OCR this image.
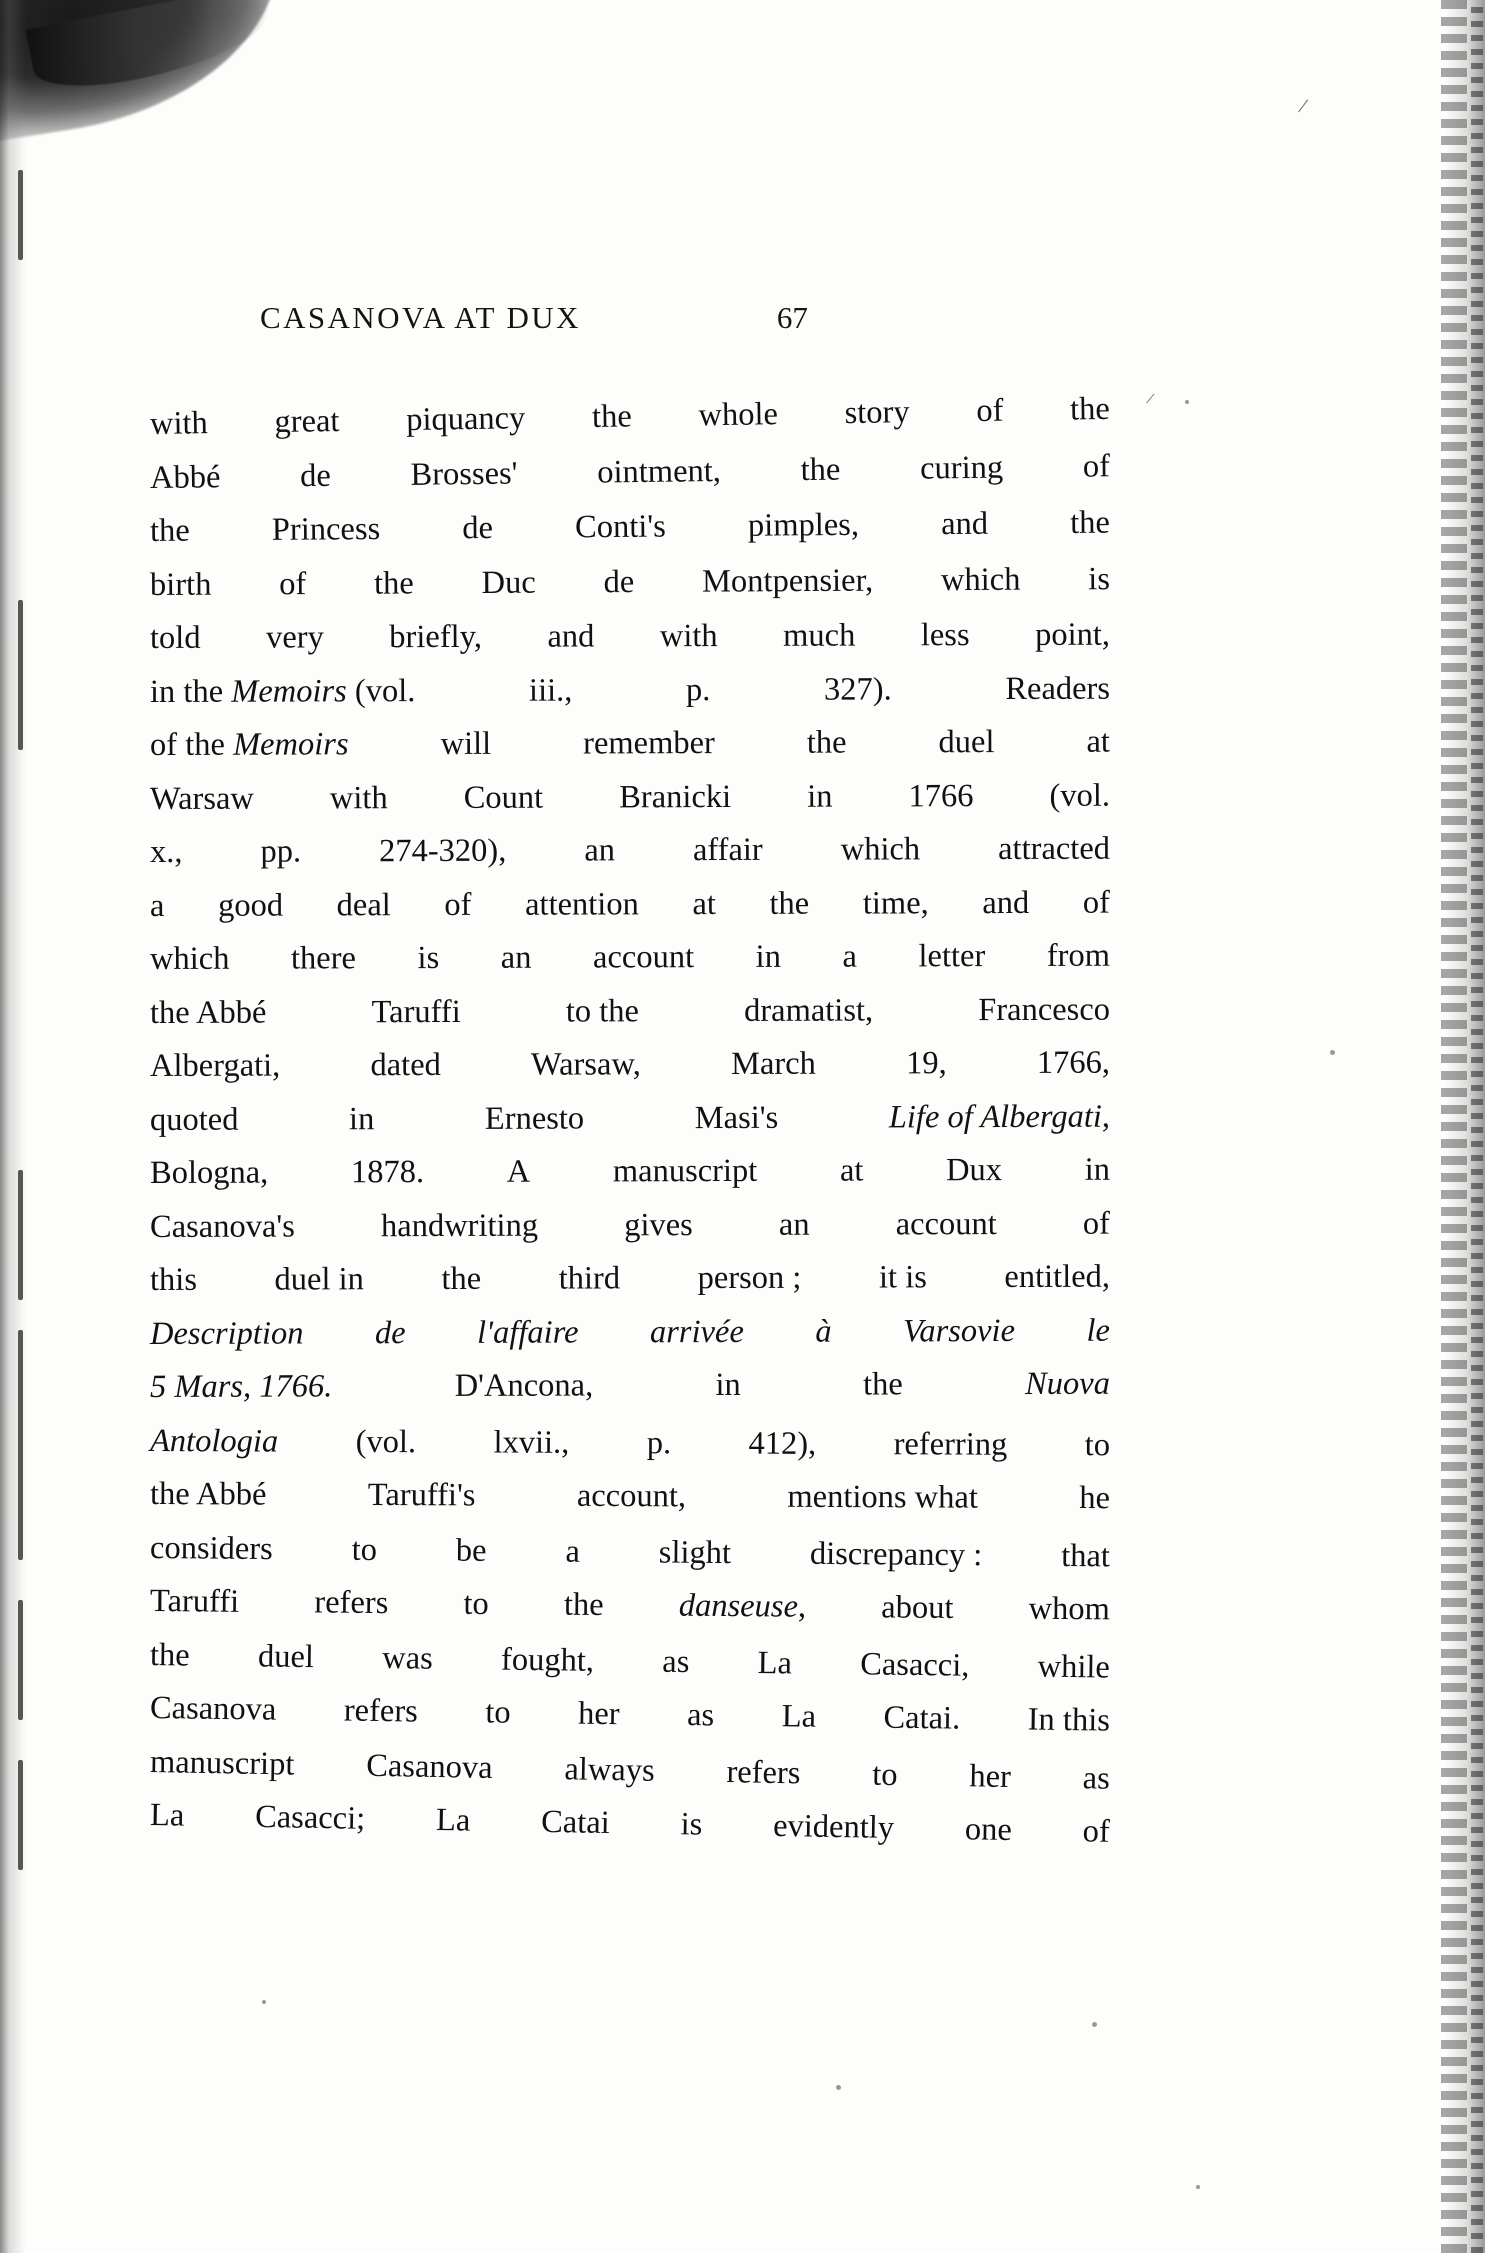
/
/
CASANOVA AT DUX	67

with great piquancy the whole story of the
Abbé de Brosses' ointment, the curing of
the	Princess	de	Conti's	pimples,	and	the
birth of the Duc de Montpensier, which is
told very briefly, and with much less point,
in the Memoirs (vol.	iii.,	p.	327).	Readers
of the Memoirs	will	remember	the	duel	at
Warsaw with Count Branicki in 1766 (vol.
x., pp. 274-320), an affair which attracted
a good deal of attention at the time, and of
which there is an account in a letter from
the Abbé	Taruffi	to the	dramatist,	Francesco
Albergati,	dated	Warsaw,	March	19,	1766,
quoted	in	Ernesto	Masi's	Life of Albergati,
Bologna,	1878.	A	manuscript	at	Dux	in
Casanova's	handwriting	gives	an	account	of
this duel in the third person ; it is entitled,
Description de l'affaire arrivée à Varsovie le
5 Mars, 1766.	D'Ancona,	in	the	Nuova
Antologia (vol. lxvii., p. 412), referring to
the Abbé	Taruffi's	account,	mentions what	he
considers to be a slight discrepancy : that
Taruffi refers to the danseuse, about whom
the duel was fought, as La Casacci, while
Casanova refers to her as La Catai. In this
manuscript Casanova always refers to her as
La Casacci; La Catai is evidently one of
